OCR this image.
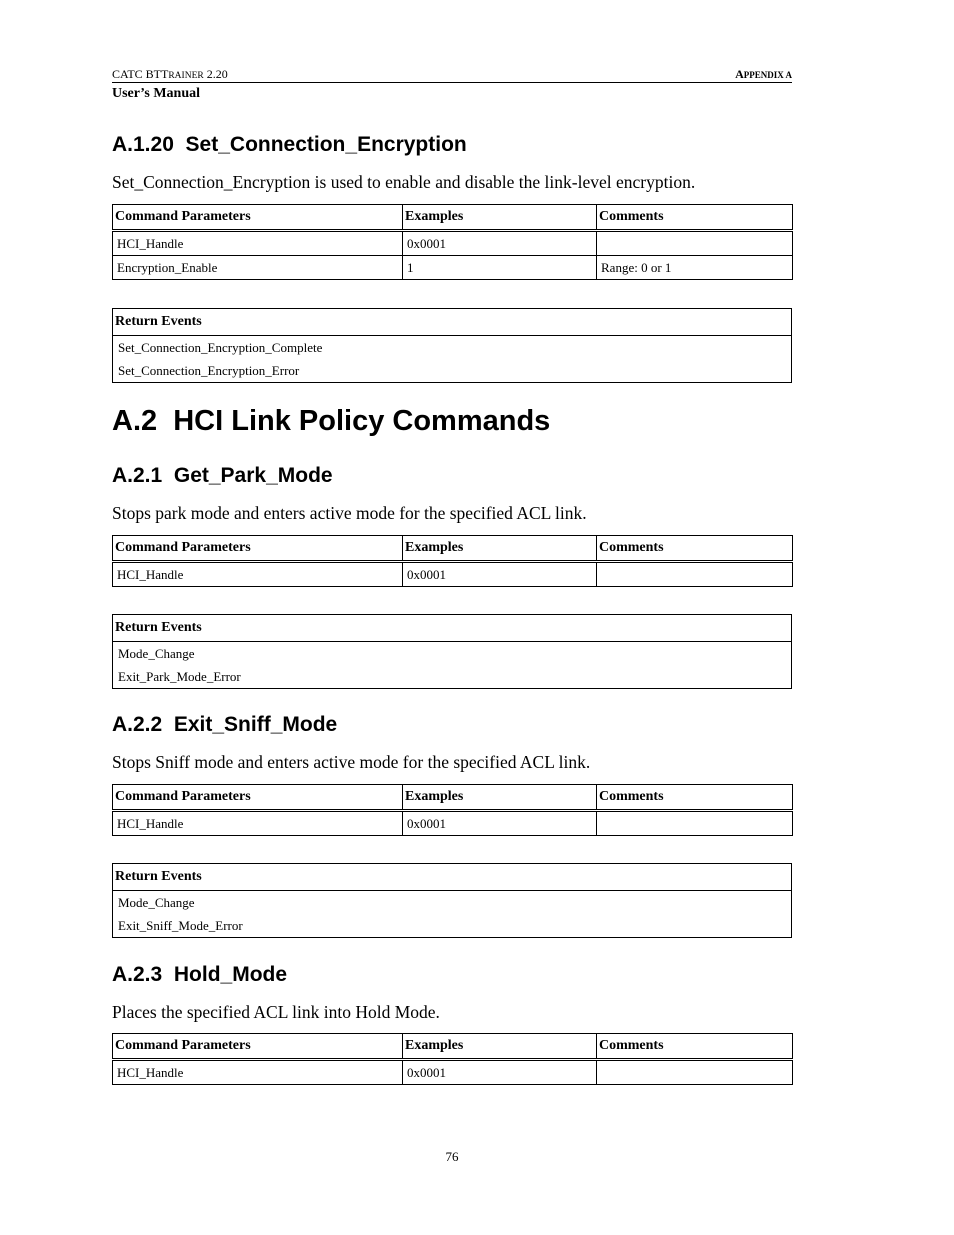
CATC BTTRAINER 2.20	APPENDIX A
User’s Manual
A.1.20  Set_Connection_Encryption
Set_Connection_Encryption is used to enable and disable the link-level encryption.
Command Parameters	Examples	Comments
HCI_Handle	0x0001	
Encryption_Enable	1	Range: 0 or 1
Return Events
Set_Connection_Encryption_Complete
Set_Connection_Encryption_Error
A.2  HCI Link Policy Commands
A.2.1  Get_Park_Mode
Stops park mode and enters active mode for the specified ACL link.
Command Parameters	Examples	Comments
HCI_Handle	0x0001	
Return Events
Mode_Change
Exit_Park_Mode_Error
A.2.2  Exit_Sniff_Mode
Stops Sniff mode and enters active mode for the specified ACL link.
Command Parameters	Examples	Comments
HCI_Handle	0x0001	
Return Events
Mode_Change
Exit_Sniff_Mode_Error
A.2.3  Hold_Mode
Places the specified ACL link into Hold Mode.
Command Parameters	Examples	Comments
HCI_Handle	0x0001	
76
